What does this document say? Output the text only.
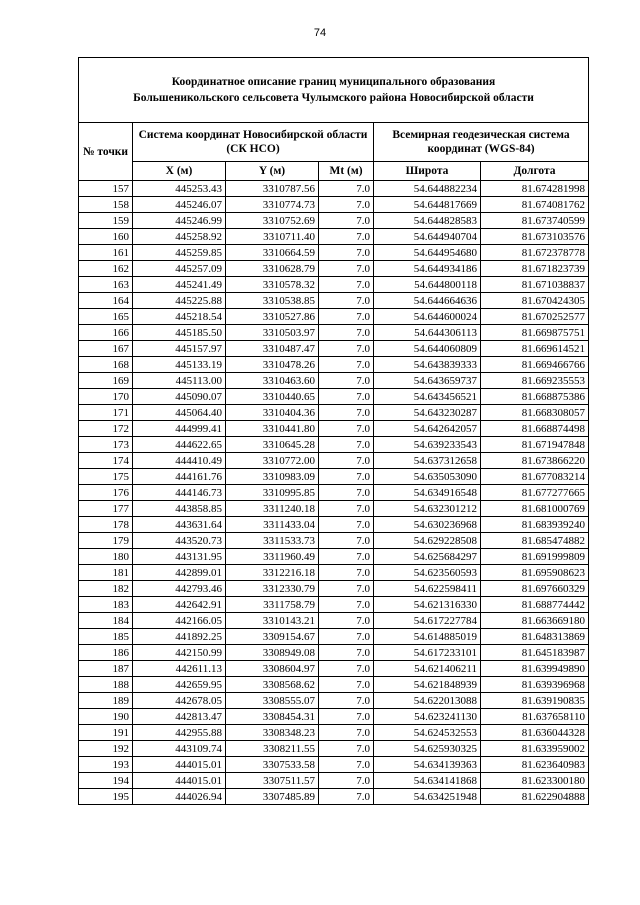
74
Координатное описание границ муниципального образования
Большеникольского сельсовета Чулымского района Новосибирской области					

№ точки	Система координат Новосибирской области (СК НСО)			Всемирная геодезическая система координат (WGS-84)	
	X (м)	Y (м)	Mt (м)	Широта	Долгота
157	445253.43	3310787.56	7.0	54.644882234	81.674281998
158	445246.07	3310774.73	7.0	54.644817669	81.674081762
159	445246.99	3310752.69	7.0	54.644828583	81.673740599
160	445258.92	3310711.40	7.0	54.644940704	81.673103576
161	445259.85	3310664.59	7.0	54.644954680	81.672378778
162	445257.09	3310628.79	7.0	54.644934186	81.671823739
163	445241.49	3310578.32	7.0	54.644800118	81.671038837
164	445225.88	3310538.85	7.0	54.644664636	81.670424305
165	445218.54	3310527.86	7.0	54.644600024	81.670252577
166	445185.50	3310503.97	7.0	54.644306113	81.669875751
167	445157.97	3310487.47	7.0	54.644060809	81.669614521
168	445133.19	3310478.26	7.0	54.643839333	81.669466766
169	445113.00	3310463.60	7.0	54.643659737	81.669235553
170	445090.07	3310440.65	7.0	54.643456521	81.668875386
171	445064.40	3310404.36	7.0	54.643230287	81.668308057
172	444999.41	3310441.80	7.0	54.642642057	81.668874498
173	444622.65	3310645.28	7.0	54.639233543	81.671947848
174	444410.49	3310772.00	7.0	54.637312658	81.673866220
175	444161.76	3310983.09	7.0	54.635053090	81.677083214
176	444146.73	3310995.85	7.0	54.634916548	81.677277665
177	443858.85	3311240.18	7.0	54.632301212	81.681000769
178	443631.64	3311433.04	7.0	54.630236968	81.683939240
179	443520.73	3311533.73	7.0	54.629228508	81.685474882
180	443131.95	3311960.49	7.0	54.625684297	81.691999809
181	442899.01	3312216.18	7.0	54.623560593	81.695908623
182	442793.46	3312330.79	7.0	54.622598411	81.697660329
183	442642.91	3311758.79	7.0	54.621316330	81.688774442
184	442166.05	3310143.21	7.0	54.617227784	81.663669180
185	441892.25	3309154.67	7.0	54.614885019	81.648313869
186	442150.99	3308949.08	7.0	54.617233101	81.645183987
187	442611.13	3308604.97	7.0	54.621406211	81.639949890
188	442659.95	3308568.62	7.0	54.621848939	81.639396968
189	442678.05	3308555.07	7.0	54.622013088	81.639190835
190	442813.47	3308454.31	7.0	54.623241130	81.637658110
191	442955.88	3308348.23	7.0	54.624532553	81.636044328
192	443109.74	3308211.55	7.0	54.625930325	81.633959002
193	444015.01	3307533.58	7.0	54.634139363	81.623640983
194	444015.01	3307511.57	7.0	54.634141868	81.623300180
195	444026.94	3307485.89	7.0	54.634251948	81.622904888
